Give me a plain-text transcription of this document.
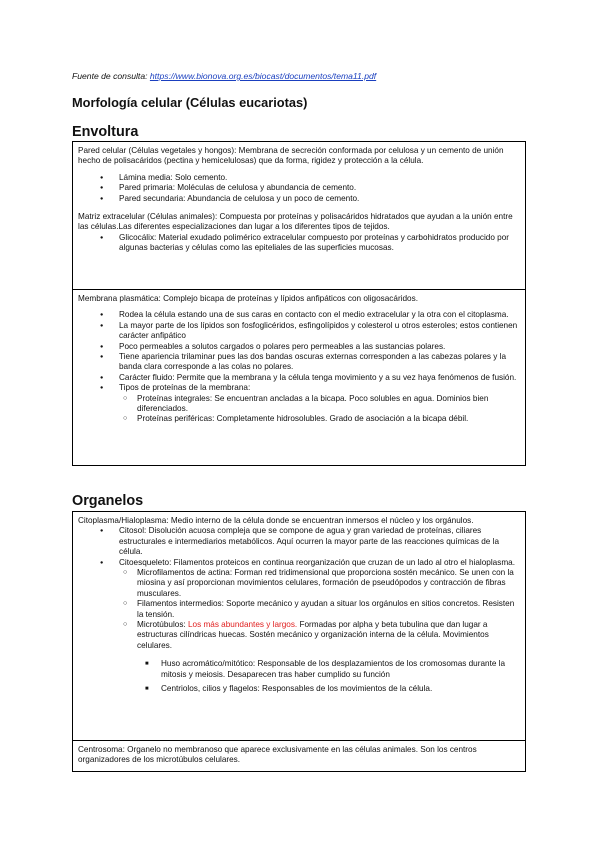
Fuente de consulta: https://www.bionova.org.es/biocast/documentos/tema11.pdf
Morfología celular (Células eucariotas)
Envoltura

Pared celular (Células vegetales y hongos): Membrana de secreción conformada por celulosa y un cemento de unión hecho de polisacáridos (pectina y hemicelulosas) que da forma, rigidez y protección a la célula.

● Lámina media: Solo cemento.
● Pared primaria: Moléculas de celulosa y abundancia de cemento.
● Pared secundaria: Abundancia de celulosa y un poco de cemento.

Matriz extracelular (Células animales): Compuesta por proteínas y polisacáridos hidratados que ayudan a la unión entre las células.Las diferentes especializaciones dan lugar a los diferentes tipos de tejidos.

● Glicocálix: Material exudado polimérico extracelular compuesto por proteínas y carbohidratos producido por algunas bacterias y células como las epiteliales de las superficies mucosas.

Membrana plasmática: Complejo bicapa de proteínas y lípidos anfipáticos con oligosacáridos.

● Rodea la célula estando una de sus caras en contacto con el medio extracelular y la otra con el citoplasma.
● La mayor parte de los lípidos son fosfoglicéridos, esfingolípidos y colesterol u otros esteroles; estos contienen carácter anfipático
● Poco permeables a solutos cargados o polares pero permeables a las sustancias polares.
● Tiene apariencia trilaminar pues las dos bandas oscuras externas corresponden a las cabezas polares y la banda clara corresponde a las colas no polares.
● Carácter fluido: Permite que la membrana y la célula tenga movimiento y a su vez haya fenómenos de fusión.
● Tipos de proteínas de la membrana:
○ Proteínas integrales: Se encuentran ancladas a la bicapa. Poco solubles en agua. Dominios bien diferenciados.
○ Proteínas periféricas: Completamente hidrosolubles. Grado de asociación a la bicapa débil.
Organelos

Citoplasma/Hialoplasma: Medio interno de la célula donde se encuentran inmersos el núcleo y los orgánulos.

● Citosol: Disolución acuosa compleja que se compone de agua y gran variedad de proteínas, ciliares estructurales e intermediarios metabólicos. Aquí ocurren la mayor parte de las reacciones químicas de la célula.
● Citoesqueleto: Filamentos proteicos en continua reorganización que cruzan de un lado al otro el hialoplasma.
○ Microfilamentos de actina: Forman red tridimensional que proporciona sostén mecánico. Se unen con la miosina y así proporcionan movimientos celulares, formación de pseudópodos y contracción de fibras musculares.
○ Filamentos intermedios: Soporte mecánico y ayudan a situar los orgánulos en sitios concretos. Resisten la tensión.
○ Microtúbulos: Los más abundantes y largos. Formadas por alpha y beta tubulina que dan lugar a estructuras cilíndricas huecas. Sostén mecánico y organización interna de la célula. Movimientos celulares.
■ Huso acromático/mitótico: Responsable de los desplazamientos de los cromosomas durante la mitosis y meiosis. Desaparecen tras haber cumplido su función
■ Centriolos, cilios y flagelos: Responsables de los movimientos de la célula.

Centrosoma: Organelo no membranoso que aparece exclusivamente en las células animales. Son los centros organizadores de los microtúbulos celulares.
